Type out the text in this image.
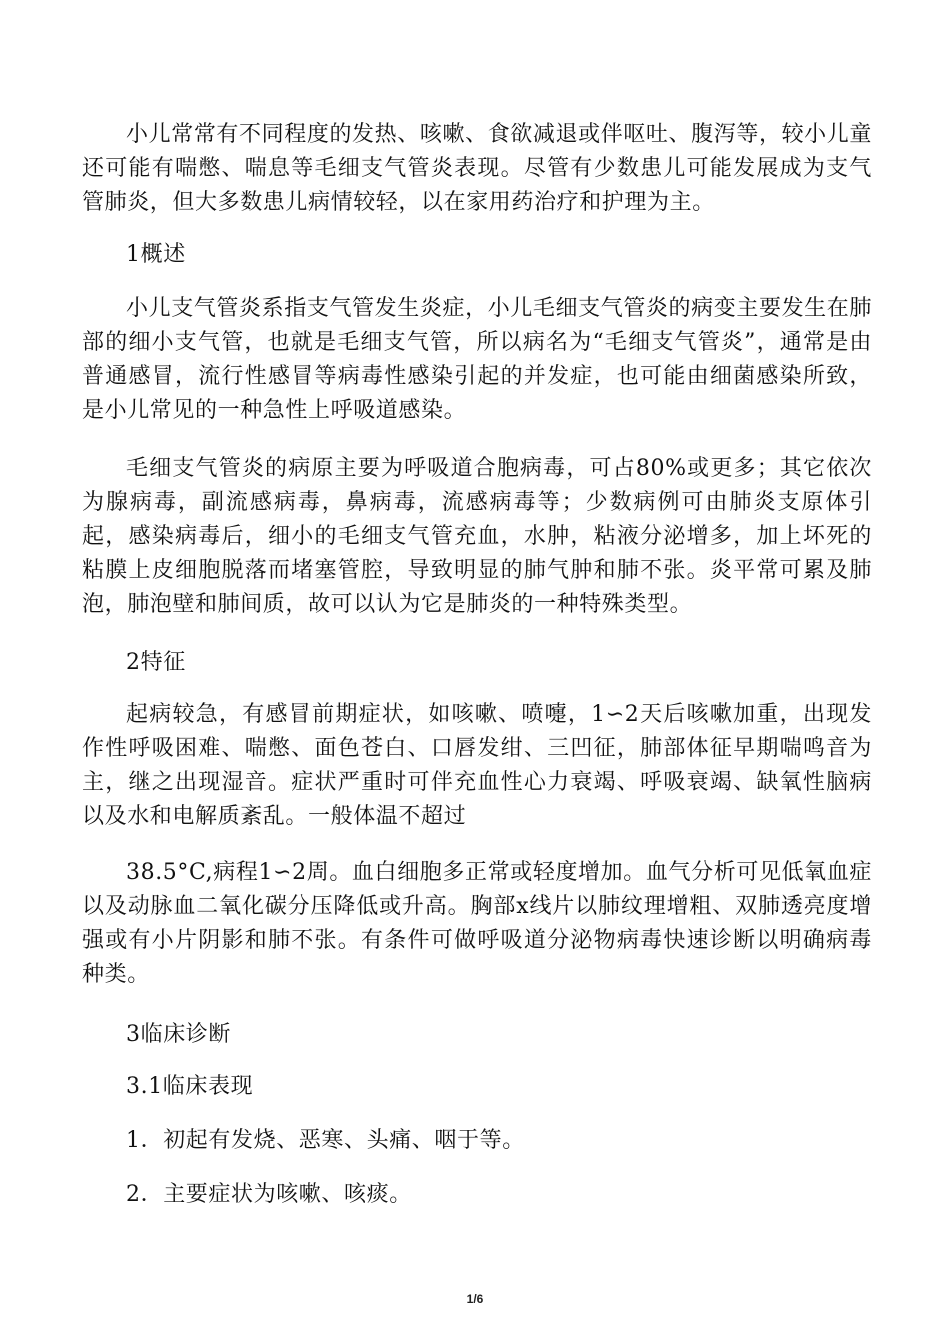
小儿常常有不同程度的发热、咳嗽、食欲减退或伴呕吐、腹泻等，较小儿童还可能有喘憋、喘息等毛细支气管炎表现。尽管有少数患儿可能发展成为支气管肺炎，但大多数患儿病情较轻，以在家用药治疗和护理为主。

1概述

小儿支气管炎系指支气管发生炎症，小儿毛细支气管炎的病变主要发生在肺部的细小支气管，也就是毛细支气管，所以病名为“毛细支气管炎”，通常是由普通感冒，流行性感冒等病毒性感染引起的并发症，也可能由细菌感染所致，是小儿常见的一种急性上呼吸道感染。

毛细支气管炎的病原主要为呼吸道合胞病毒，可占80%或更多；其它依次为腺病毒，副流感病毒，鼻病毒，流感病毒等；少数病例可由肺炎支原体引起，感染病毒后，细小的毛细支气管充血，水肿，粘液分泌增多，加上坏死的粘膜上皮细胞脱落而堵塞管腔，导致明显的肺气肿和肺不张。炎平常可累及肺泡，肺泡壁和肺间质，故可以认为它是肺炎的一种特殊类型。

2特征

起病较急，有感冒前期症状，如咳嗽、喷嚏，1∽2天后咳嗽加重，出现发作性呼吸困难、喘憋、面色苍白、口唇发绀、三凹征，肺部体征早期喘鸣音为主，继之出现湿音。症状严重时可伴充血性心力衰竭、呼吸衰竭、缺氧性脑病以及水和电解质紊乱。一般体温不超过

38.5°C,病程1∽2周。血白细胞多正常或轻度增加。血气分析可见低氧血症以及动脉血二氧化碳分压降低或升高。胸部x线片以肺纹理增粗、双肺透亮度增强或有小片阴影和肺不张。有条件可做呼吸道分泌物病毒快速诊断以明确病毒种类。

3临床诊断

3.1临床表现

1．初起有发烧、恶寒、头痛、咽于等。

2．主要症状为咳嗽、咳痰。

1/6
